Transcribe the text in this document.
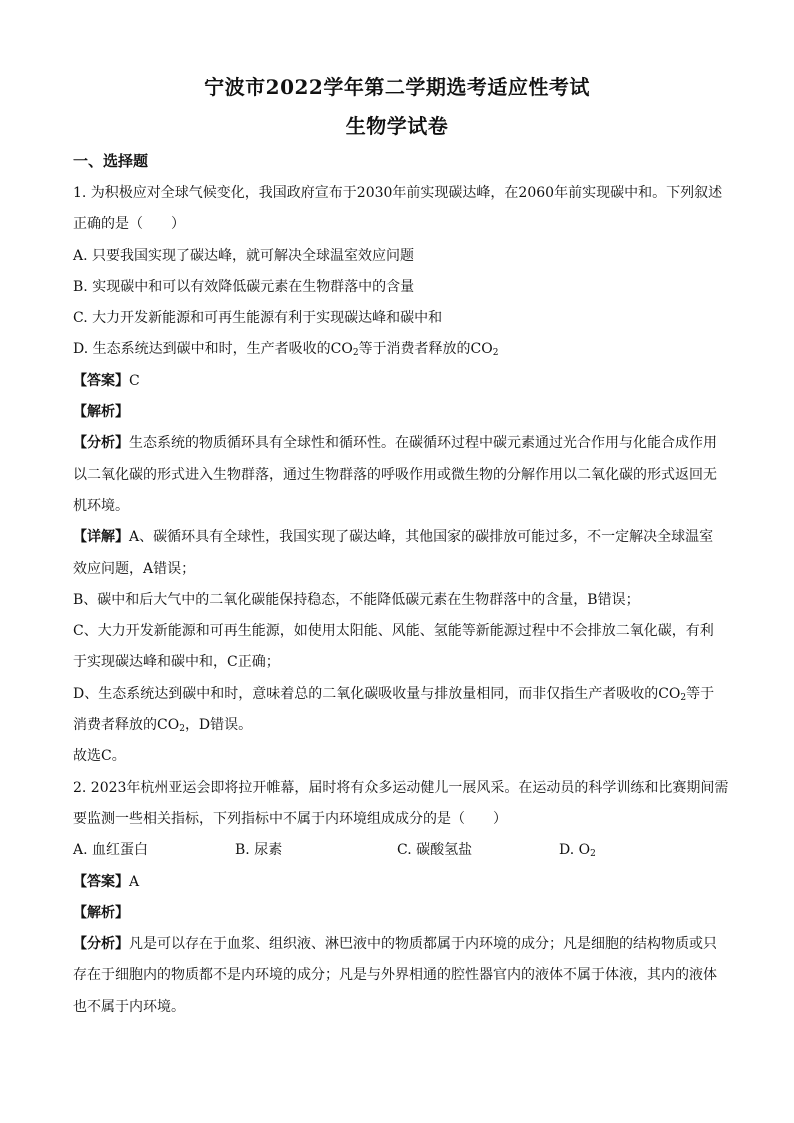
宁波市2022学年第二学期选考适应性考试
生物学试卷
一、选择题
1. 为积极应对全球气候变化，我国政府宣布于2030年前实现碳达峰，在2060年前实现碳中和。下列叙述
正确的是（　　）
A. 只要我国实现了碳达峰，就可解决全球温室效应问题
B. 实现碳中和可以有效降低碳元素在生物群落中的含量
C. 大力开发新能源和可再生能源有利于实现碳达峰和碳中和
D. 生态系统达到碳中和时，生产者吸收的$CO_2$等于消费者释放的$CO_2$
【答案】C
【解析】
【分析】生态系统的物质循环具有全球性和循环性。在碳循环过程中碳元素通过光合作用与化能合成作用
以二氧化碳的形式进入生物群落，通过生物群落的呼吸作用或微生物的分解作用以二氧化碳的形式返回无
机环境。
【详解】A、碳循环具有全球性，我国实现了碳达峰，其他国家的碳排放可能过多，不一定解决全球温室
效应问题，A错误；
B、碳中和后大气中的二氧化碳能保持稳态，不能降低碳元素在生物群落中的含量，B错误；
C、大力开发新能源和可再生能源，如使用太阳能、风能、氢能等新能源过程中不会排放二氧化碳，有利
于实现碳达峰和碳中和，C正确；
D、生态系统达到碳中和时，意味着总的二氧化碳吸收量与排放量相同，而非仅指生产者吸收的$CO_2$等于
消费者释放的$CO_2$，D错误。
故选C。
2. 2023年杭州亚运会即将拉开帷幕，届时将有众多运动健儿一展风采。在运动员的科学训练和比赛期间需
要监测一些相关指标，下列指标中不属于内环境组成成分的是（　　）
A. 血红蛋白	B. 尿素	C. 碳酸氢盐	D. $O_2$
【答案】A
【解析】
【分析】凡是可以存在于血浆、组织液、淋巴液中的物质都属于内环境的成分；凡是细胞的结构物质或只
存在于细胞内的物质都不是内环境的成分；凡是与外界相通的腔性器官内的液体不属于体液，其内的液体
也不属于内环境。
